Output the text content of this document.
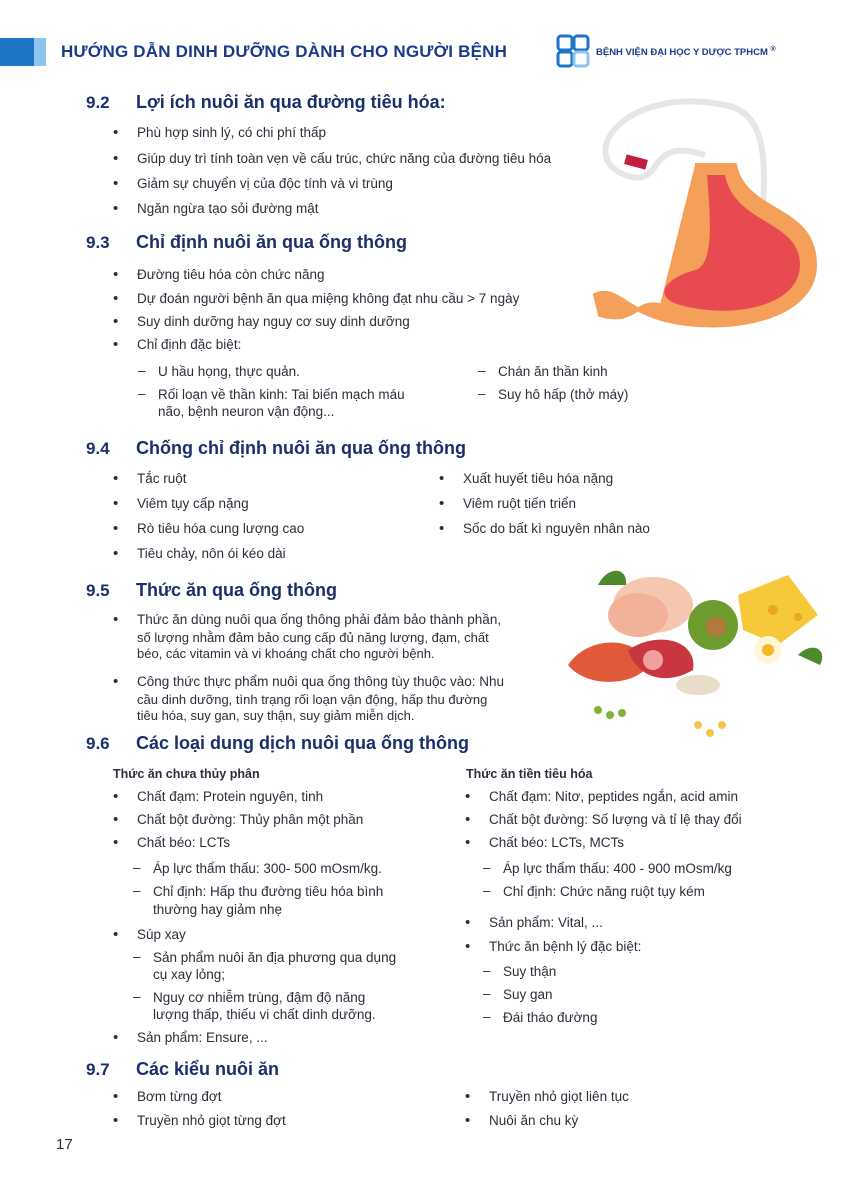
HƯỚNG DẪN DINH DƯỠNG DÀNH CHO NGƯỜI BỆNH	BỆNH VIỆN ĐẠI HỌC Y DƯỢC TPHCM ®
9.2 Lợi ích nuôi ăn qua đường tiêu hóa:
• Phù hợp sinh lý, có chi phí thấp
• Giúp duy trì tính toàn vẹn về cấu trúc, chức năng của đường tiêu hóa
• Giảm sự chuyển vị của độc tính và vi trùng
• Ngăn ngừa tạo sỏi đường mật
9.3 Chỉ định nuôi ăn qua ống thông
• Đường tiêu hóa còn chức năng
• Dự đoán người bệnh ăn qua miệng không đạt nhu cầu > 7 ngày
• Suy dinh dưỡng hay nguy cơ suy dinh dưỡng
• Chỉ định đặc biệt:
– U hầu họng, thực quản.
– Rối loạn về thần kinh: Tai biến mạch máu
não, bệnh neuron vận động...
– Chán ăn thần kinh
– Suy hô hấp (thở máy)
9.4 Chống chỉ định nuôi ăn qua ống thông
• Tắc ruột
• Viêm tụy cấp nặng
• Rò tiêu hóa cung lượng cao
• Tiêu chảy, nôn ói kéo dài
• Xuất huyết tiêu hóa nặng
• Viêm ruột tiến triển
• Sốc do bất kì nguyên nhân nào
9.5 Thức ăn qua ống thông
• Thức ăn dùng nuôi qua ống thông phải đảm bảo thành phần,
số lượng nhằm đảm bảo cung cấp đủ năng lượng, đạm, chất
béo, các vitamin và vi khoáng chất cho người bệnh.
• Công thức thực phẩm nuôi qua ống thông tùy thuộc vào: Nhu
cầu dinh dưỡng, tình trạng rối loạn vận động, hấp thu đường
tiêu hóa, suy gan, suy thận, suy giảm miễn dịch.
9.6 Các loại dung dịch nuôi qua ống thông
Thức ăn chưa thủy phân
• Chất đạm: Protein nguyên, tinh
• Chất bột đường: Thủy phân một phần
• Chất béo: LCTs
– Áp lực thẩm thấu: 300- 500 mOsm/kg.
– Chỉ định: Hấp thu đường tiêu hóa bình
thường hay giảm nhẹ
• Súp xay
– Sản phẩm nuôi ăn địa phương qua dụng
cụ xay lỏng;
– Nguy cơ nhiễm trùng, đậm độ năng
lượng thấp, thiếu vi chất dinh dưỡng.
• Sản phẩm: Ensure, ...
Thức ăn tiền tiêu hóa
• Chất đạm: Nitơ, peptides ngắn, acid amin
• Chất bột đường: Số lượng và tỉ lệ thay đổi
• Chất béo: LCTs, MCTs
– Áp lực thẩm thấu: 400 - 900 mOsm/kg
– Chỉ định: Chức năng ruột tụy kém
• Sản phẩm: Vital, ...
• Thức ăn bệnh lý đặc biệt:
– Suy thận
– Suy gan
– Đái tháo đường
9.7 Các kiểu nuôi ăn
• Bơm từng đợt
• Truyền nhỏ giọt từng đợt
• Truyền nhỏ giọt liên tục
• Nuôi ăn chu kỳ
17
